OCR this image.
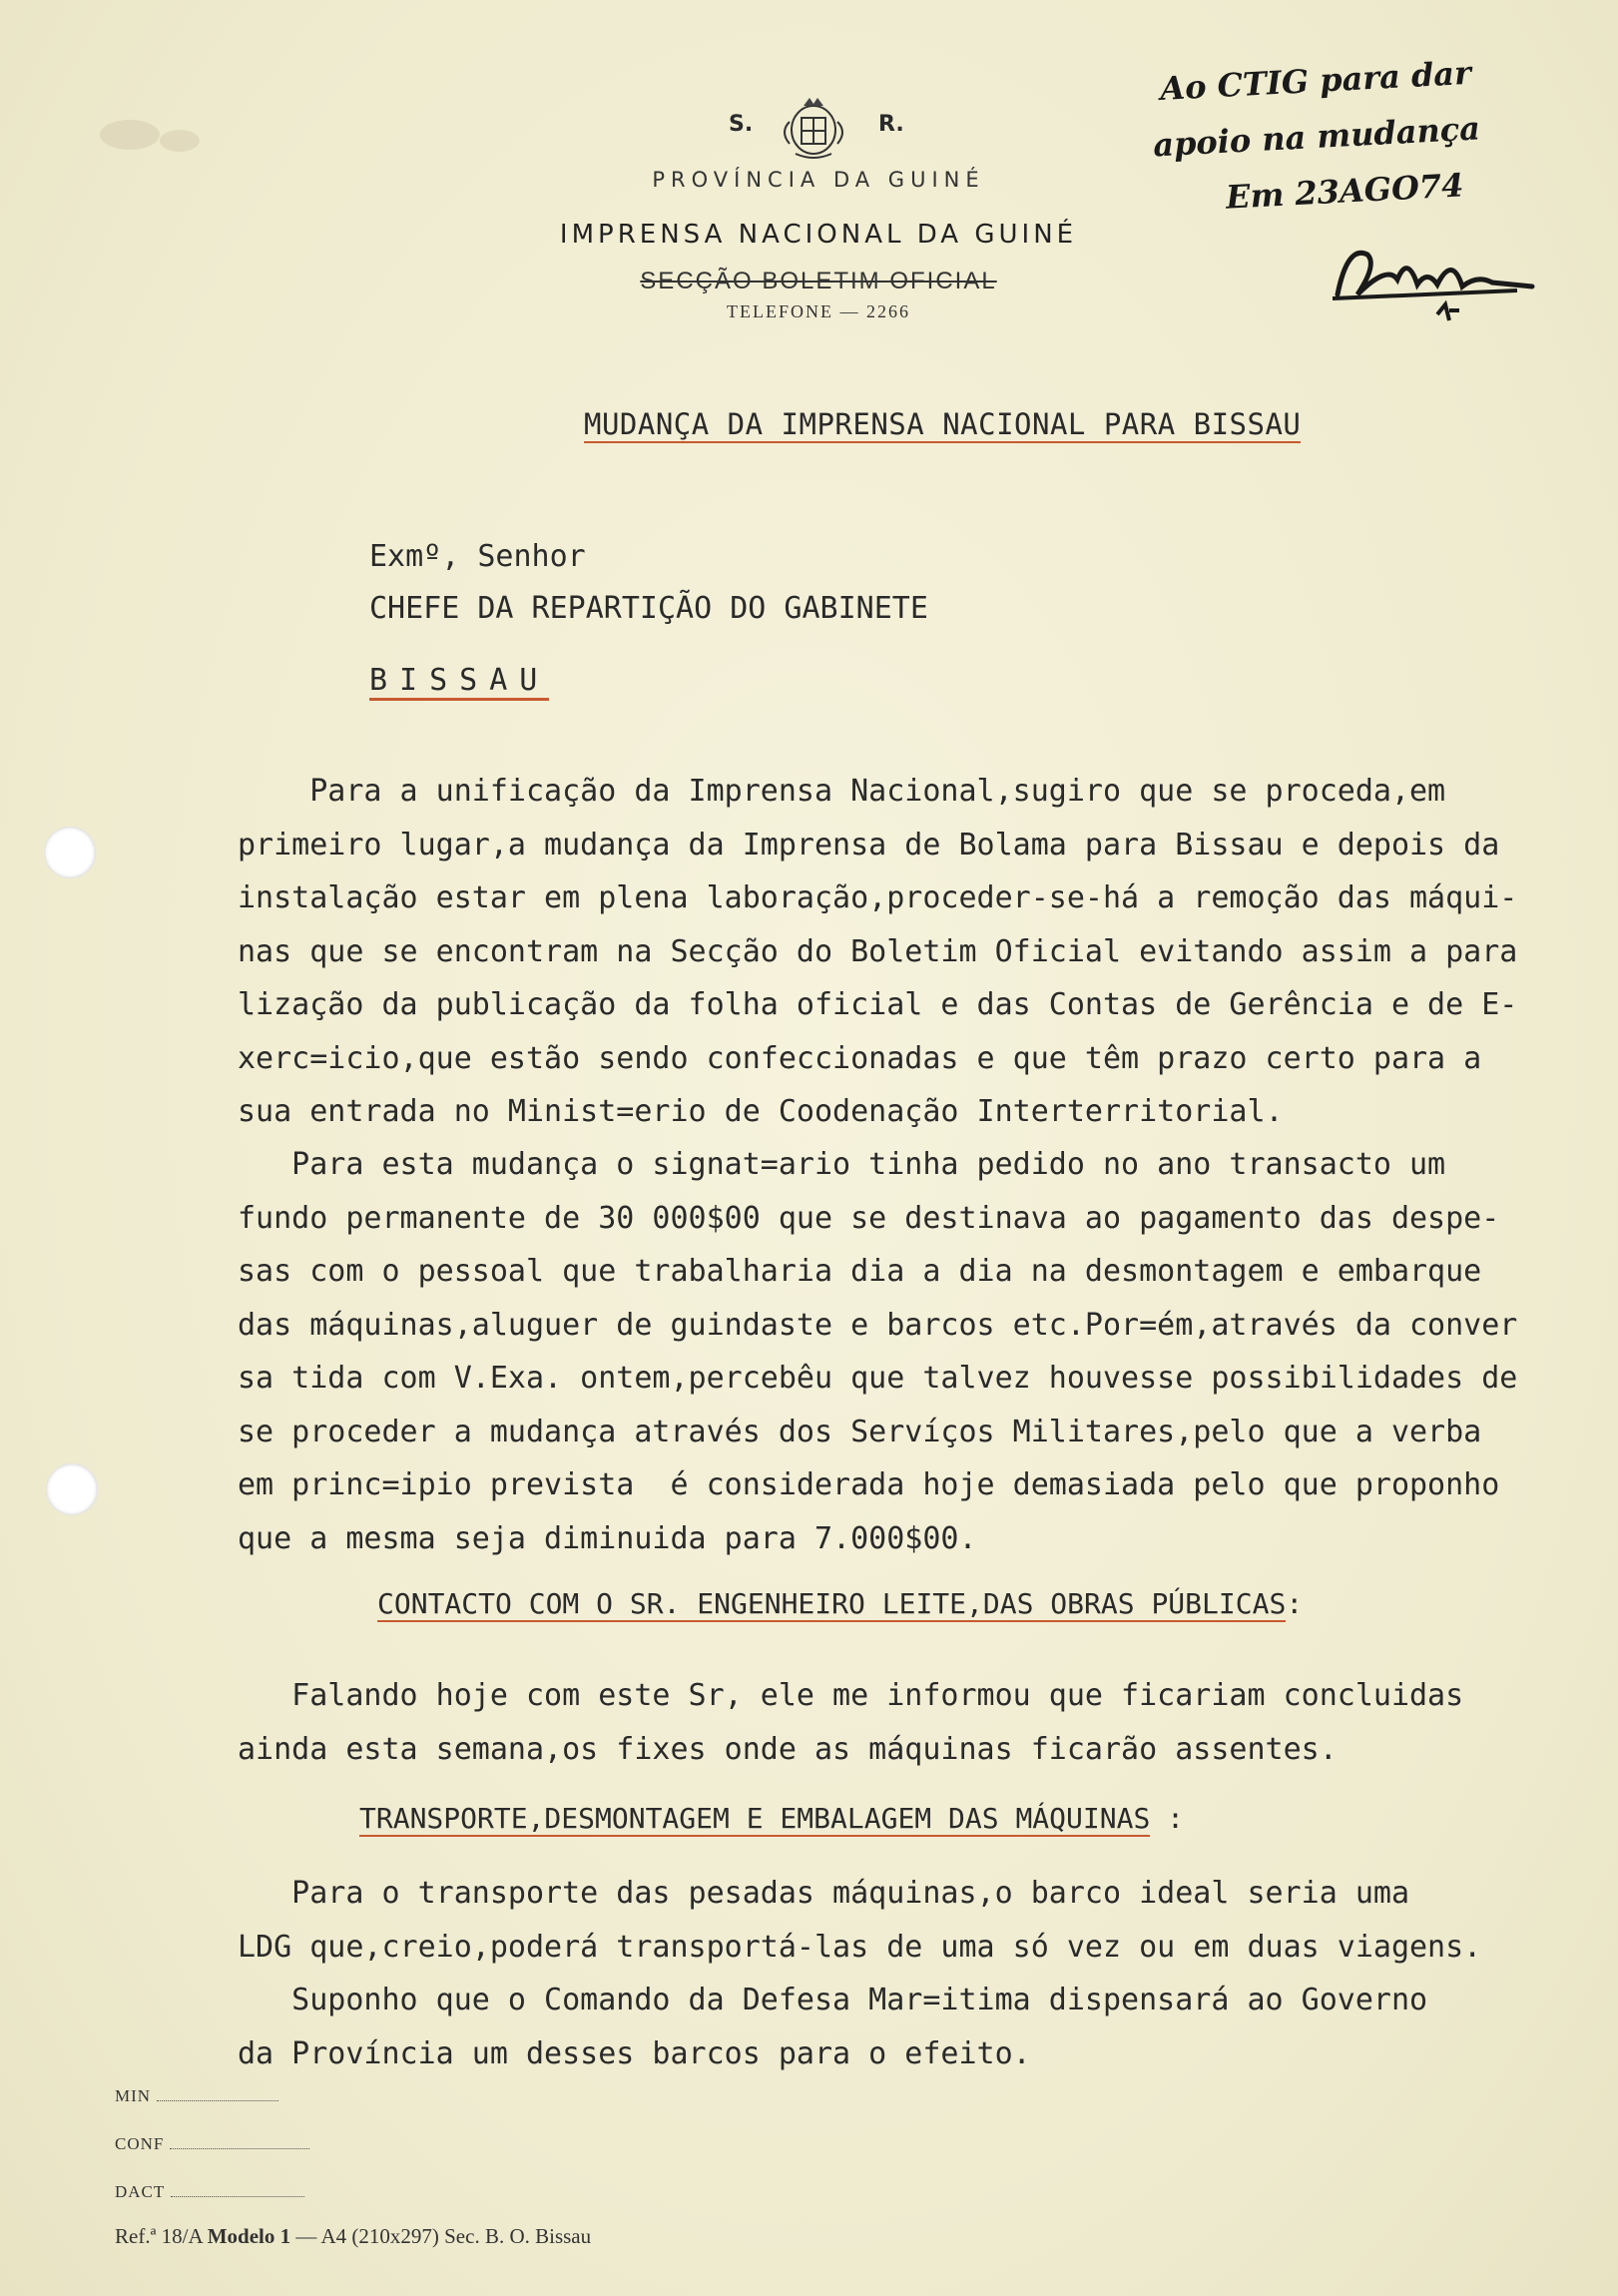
S.	R.
PROVÍNCIA DA GUINÉ
IMPRENSA NACIONAL DA GUINÉ
SECÇÃO BOLETIM OFICIAL
TELEFONE — 2266
Ao CTIG para dar
apoio na mudança
Em 23AGO74
MUDANÇA DA IMPRENSA NACIONAL PARA BISSAU
Exmº, Senhor
CHEFE DA REPARTIÇÃO DO GABINETE
BISSAU

Para a unificação da Imprensa Nacional,sugiro que se proceda,em

primeiro lugar,a mudança da Imprensa de Bolama para Bissau e depois da

instalação estar em plena laboração,proceder-se-há a remoção das máqui-

nas que se encontram na Secção do Boletim Oficial evitando assim a para

lização da publicação da folha oficial e das Contas de Gerência e de E-

xerc=icio,que estão sendo confeccionadas e que têm prazo certo para a

sua entrada no Minist=erio de Coodenação Interterritorial.

Para esta mudança o signat=ario tinha pedido no ano transacto um

fundo permanente de 30 000$00 que se destinava ao pagamento das despe-

sas com o pessoal que trabalharia dia a dia na desmontagem e embarque

das máquinas,aluguer de guindaste e barcos etc.Por=ém,através da conver

sa tida com V.Exa. ontem,percebêu que talvez houvesse possibilidades de

se proceder a mudança através dos Servíços Militares,pelo que a verba

em princ=ipio prevista  é considerada hoje demasiada pelo que proponho

que a mesma seja diminuida para 7.000$00.

CONTACTO COM O SR. ENGENHEIRO LEITE,DAS OBRAS PÚBLICAS:

Falando hoje com este Sr, ele me informou que ficariam concluidas

ainda esta semana,os fixes onde as máquinas ficarão assentes.

TRANSPORTE,DESMONTAGEM E EMBALAGEM DAS MÁQUINAS :

Para o transporte das pesadas máquinas,o barco ideal seria uma

LDG que,creio,poderá transportá-las de uma só vez ou em duas viagens.

Suponho que o Comando da Defesa Mar=itima dispensará ao Governo

da Província um desses barcos para o efeito.

MIN
CONF
DACT
Ref.ª 18/A Modelo 1 — A4 (210x297) Sec. B. O. Bissau
